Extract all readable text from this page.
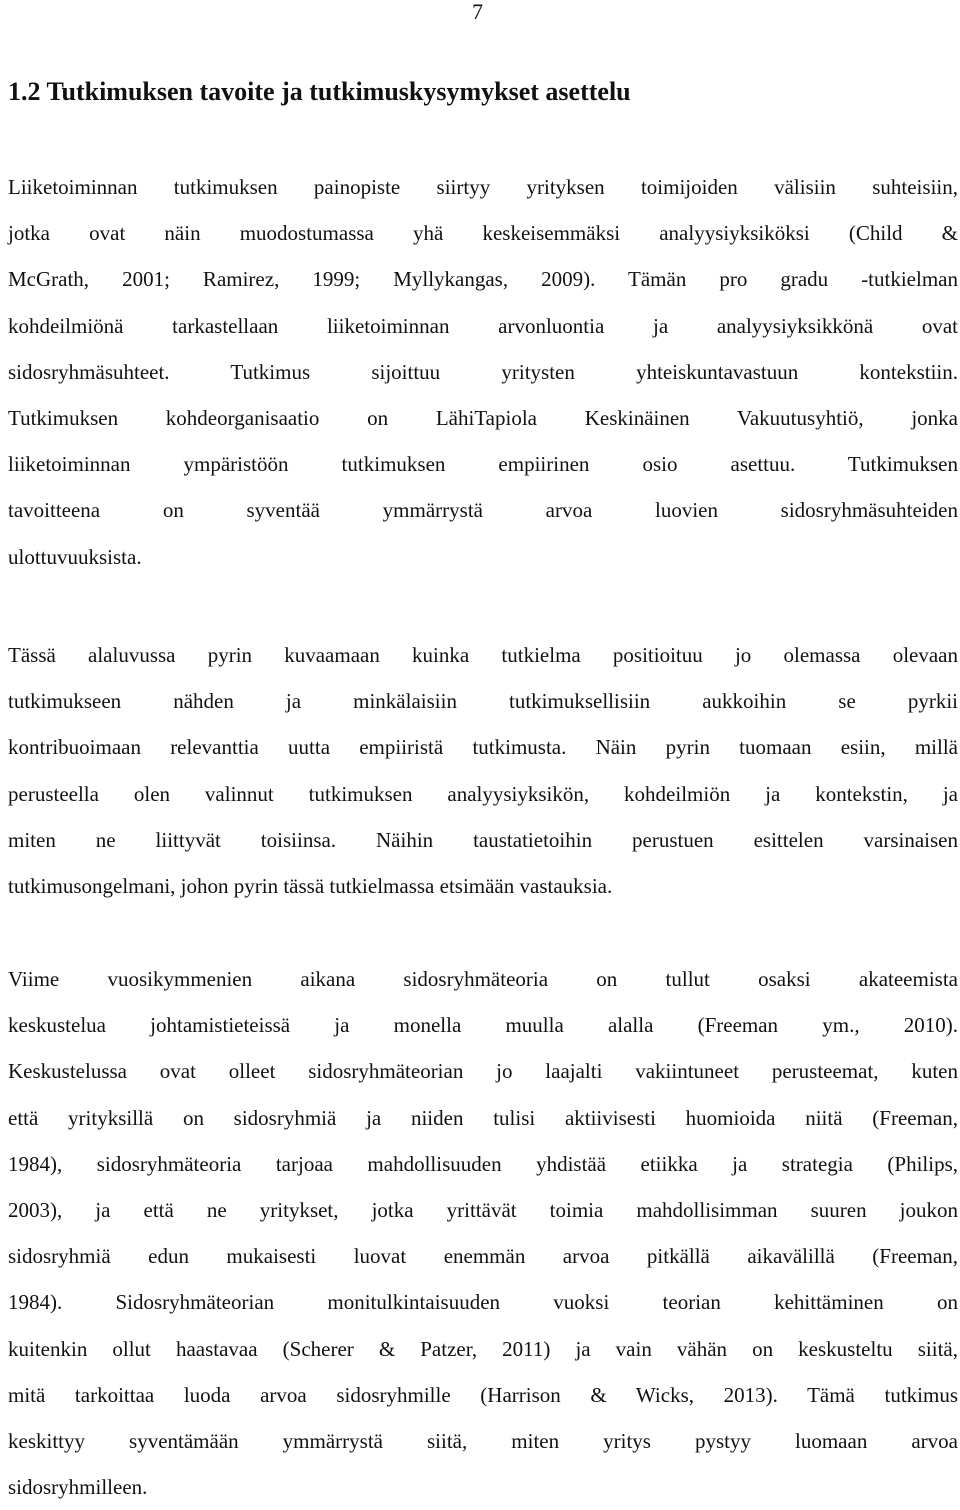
7
1.2 Tutkimuksen tavoite ja tutkimuskysymykset asettelu
Liiketoiminnan tutkimuksen painopiste siirtyy yrityksen toimijoiden välisiin suhteisiin,
jotka ovat näin muodostumassa yhä keskeisemmäksi analyysiyksiköksi (Child &
McGrath, 2001; Ramirez, 1999; Myllykangas, 2009). Tämän pro gradu -tutkielman
kohdeilmiönä tarkastellaan liiketoiminnan arvonluontia ja analyysiyksikkönä ovat
sidosryhmäsuhteet. Tutkimus sijoittuu yritysten yhteiskuntavastuun kontekstiin.
Tutkimuksen kohdeorganisaatio on LähiTapiola Keskinäinen Vakuutusyhtiö, jonka
liiketoiminnan ympäristöön tutkimuksen empiirinen osio asettuu. Tutkimuksen
tavoitteena on syventää ymmärrystä arvoa luovien sidosryhmäsuhteiden
ulottuvuuksista.
Tässä alaluvussa pyrin kuvaamaan kuinka tutkielma positioituu jo olemassa olevaan
tutkimukseen nähden ja minkälaisiin tutkimuksellisiin aukkoihin se pyrkii
kontribuoimaan relevanttia uutta empiiristä tutkimusta. Näin pyrin tuomaan esiin, millä
perusteella olen valinnut tutkimuksen analyysiyksikön, kohdeilmiön ja kontekstin, ja
miten ne liittyvät toisiinsa. Näihin taustatietoihin perustuen esittelen varsinaisen
tutkimusongelmani, johon pyrin tässä tutkielmassa etsimään vastauksia.
Viime vuosikymmenien aikana sidosryhmäteoria on tullut osaksi akateemista
keskustelua johtamistieteissä ja monella muulla alalla (Freeman ym., 2010).
Keskustelussa ovat olleet sidosryhmäteorian jo laajalti vakiintuneet perusteemat, kuten
että yrityksillä on sidosryhmiä ja niiden tulisi aktiivisesti huomioida niitä (Freeman,
1984), sidosryhmäteoria tarjoaa mahdollisuuden yhdistää etiikka ja strategia (Philips,
2003), ja että ne yritykset, jotka yrittävät toimia mahdollisimman suuren joukon
sidosryhmiä edun mukaisesti luovat enemmän arvoa pitkällä aikavälillä (Freeman,
1984). Sidosryhmäteorian monitulkintaisuuden vuoksi teorian kehittäminen on
kuitenkin ollut haastavaa (Scherer & Patzer, 2011) ja vain vähän on keskusteltu siitä,
mitä tarkoittaa luoda arvoa sidosryhmille (Harrison & Wicks, 2013). Tämä tutkimus
keskittyy syventämään ymmärrystä siitä, miten yritys pystyy luomaan arvoa
sidosryhmilleen.
